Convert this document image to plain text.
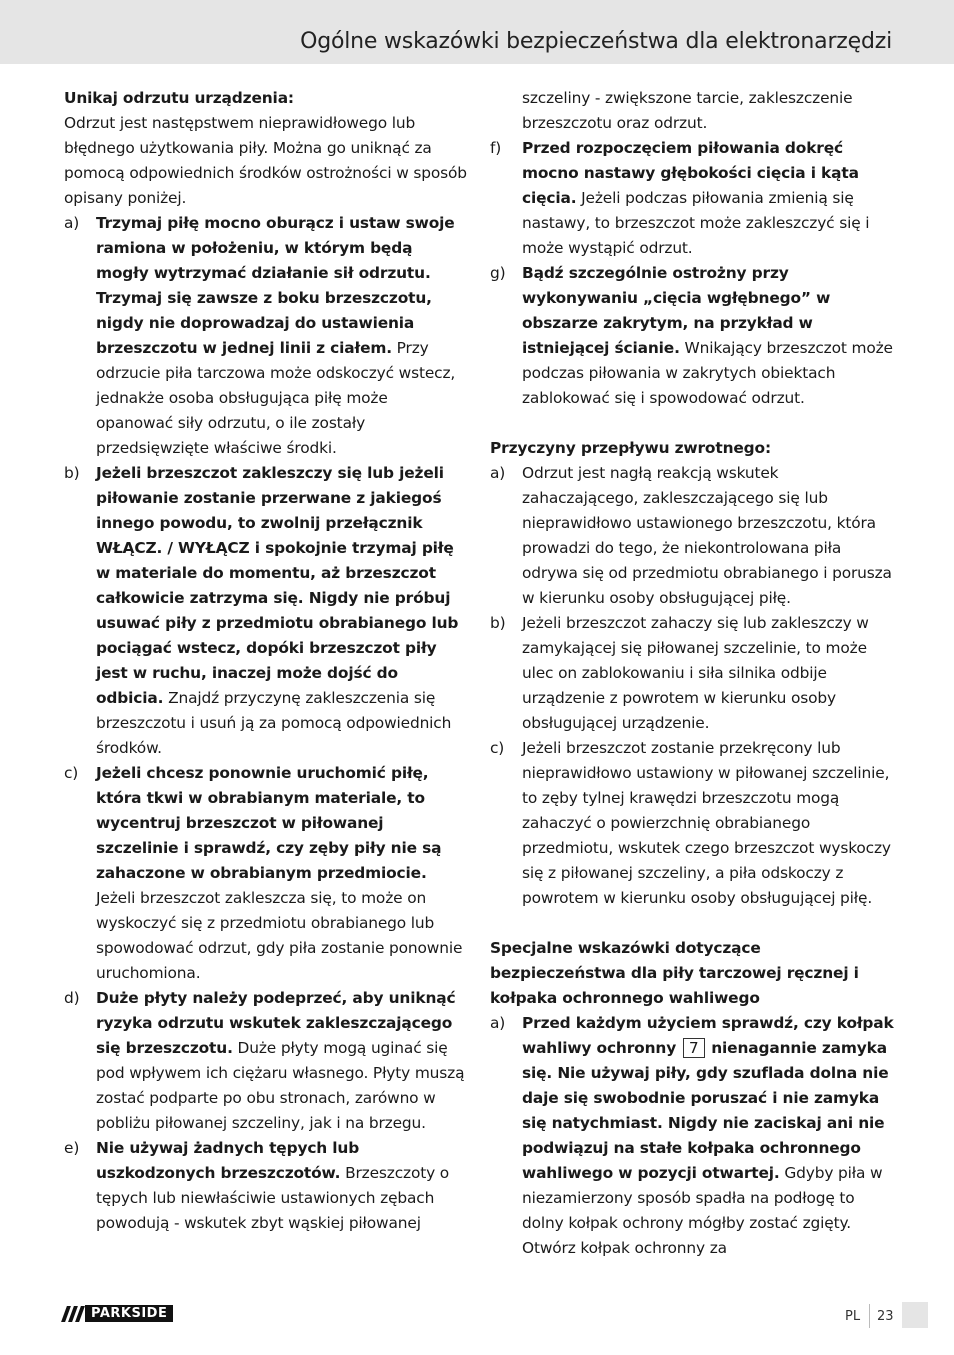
Ogólne wskazówki bezpieczeństwa dla elektronarzędzi

Unikaj odrzutu urządzenia:

Odrzut jest następstwem nieprawidłowego lub błędnego użytkowania piły. Można go uniknąć za pomocą odpowiednich środków ostrożności w sposób opisany poniżej.

a)	Trzymaj piłę mocno oburącz i ustaw swoje ramiona w położeniu, w którym będą mogły wytrzymać działanie sił odrzutu. Trzymaj się zawsze z boku brzeszczotu, nigdy nie doprowadzaj do ustawienia brzeszczotu w jednej linii z ciałem. Przy odrzucie piła tarczowa może odskoczyć wstecz, jednakże osoba obsługująca piłę może opanować siły odrzutu, o ile zostały przedsięwzięte właściwe środki.

b)	Jeżeli brzeszczot zakleszczy się lub jeżeli piłowanie zostanie przerwane z jakiegoś innego powodu, to zwolnij przełącznik WŁĄCZ. / WYŁĄCZ i spokojnie trzymaj piłę w materiale do momentu, aż brzeszczot całkowicie zatrzyma się. Nigdy nie próbuj usuwać piły z przedmiotu obrabianego lub pociągać wstecz, dopóki brzeszczot piły jest w ruchu, inaczej może dojść do odbicia. Znajdź przyczynę zakleszczenia się brzeszczotu i usuń ją za pomocą odpowiednich środków.

c)	Jeżeli chcesz ponownie uruchomić piłę, która tkwi w obrabianym materiale, to wycentruj brzeszczot w piłowanej szczelinie i sprawdź, czy zęby piły nie są zahaczone w obrabianym przedmiocie. Jeżeli brzeszczot zakleszcza się, to może on wyskoczyć się z przedmiotu obrabianego lub spowodować odrzut, gdy piła zostanie ponownie uruchomiona.

d)	Duże płyty należy podeprzeć, aby uniknąć ryzyka odrzutu wskutek zakleszczającego się brzeszczotu. Duże płyty mogą uginać się pod wpływem ich ciężaru własnego. Płyty muszą zostać podparte po obu stronach, zarówno w pobliżu piłowanej szczeliny, jak i na brzegu.

e)	Nie używaj żadnych tępych lub uszkodzonych brzeszczotów. Brzeszczoty o tępych lub niewłaściwie ustawionych zębach powodują - wskutek zbyt wąskiej piłowanej

szczeliny - zwiększone tarcie, zakleszczenie brzeszczotu oraz odrzut.

f)	Przed rozpoczęciem piłowania dokręć mocno nastawy głębokości cięcia i kąta cięcia. Jeżeli podczas piłowania zmienią się nastawy, to brzeszczot może zakleszczyć się i może wystąpić odrzut.

g)	Bądź szczególnie ostrożny przy wykonywaniu „cięcia wgłębnego” w obszarze zakrytym, na przykład w istniejącej ścianie. Wnikający brzeszczot może podczas piłowania w zakrytych obiektach zablokować się i spowodować odrzut.

Przyczyny przepływu zwrotnego:

a)	Odrzut jest nagłą reakcją wskutek zahaczającego, zakleszczającego się lub nieprawidłowo ustawionego brzeszczotu, która prowadzi do tego, że niekontrolowana piła odrywa się od przedmiotu obrabianego i porusza w kierunku osoby obsługującej piłę.

b)	Jeżeli brzeszczot zahaczy się lub zakleszczy w zamykającej się piłowanej szczelinie, to może ulec on zablokowaniu i siła silnika odbije urządzenie z powrotem w kierunku osoby obsługującej urządzenie.

c)	Jeżeli brzeszczot zostanie przekręcony lub nieprawidłowo ustawiony w piłowanej szczelinie, to zęby tylnej krawędzi brzeszczotu mogą zahaczyć o powierzchnię obrabianego przedmiotu, wskutek czego brzeszczot wyskoczy się z piłowanej szczeliny, a piła odskoczy z powrotem w kierunku osoby obsługującej piłę.

Specjalne wskazówki dotyczące bezpieczeństwa dla piły tarczowej ręcznej i kołpaka ochronnego wahliwego

a)	Przed każdym użyciem sprawdź, czy kołpak wahliwy ochronny 7 nienagannie zamyka się. Nie używaj piły, gdy szuflada dolna nie daje się swobodnie poruszać i nie zamyka się natychmiast. Nigdy nie zaciskaj ani nie podwiązuj na stałe kołpaka ochronnego wahliwego w pozycji otwartej. Gdyby piła w niezamierzony sposób spadła na podłogę to dolny kołpak ochrony mógłby zostać zgięty. Otwórz kołpak ochronny za

PARKSIDE	PL 23
